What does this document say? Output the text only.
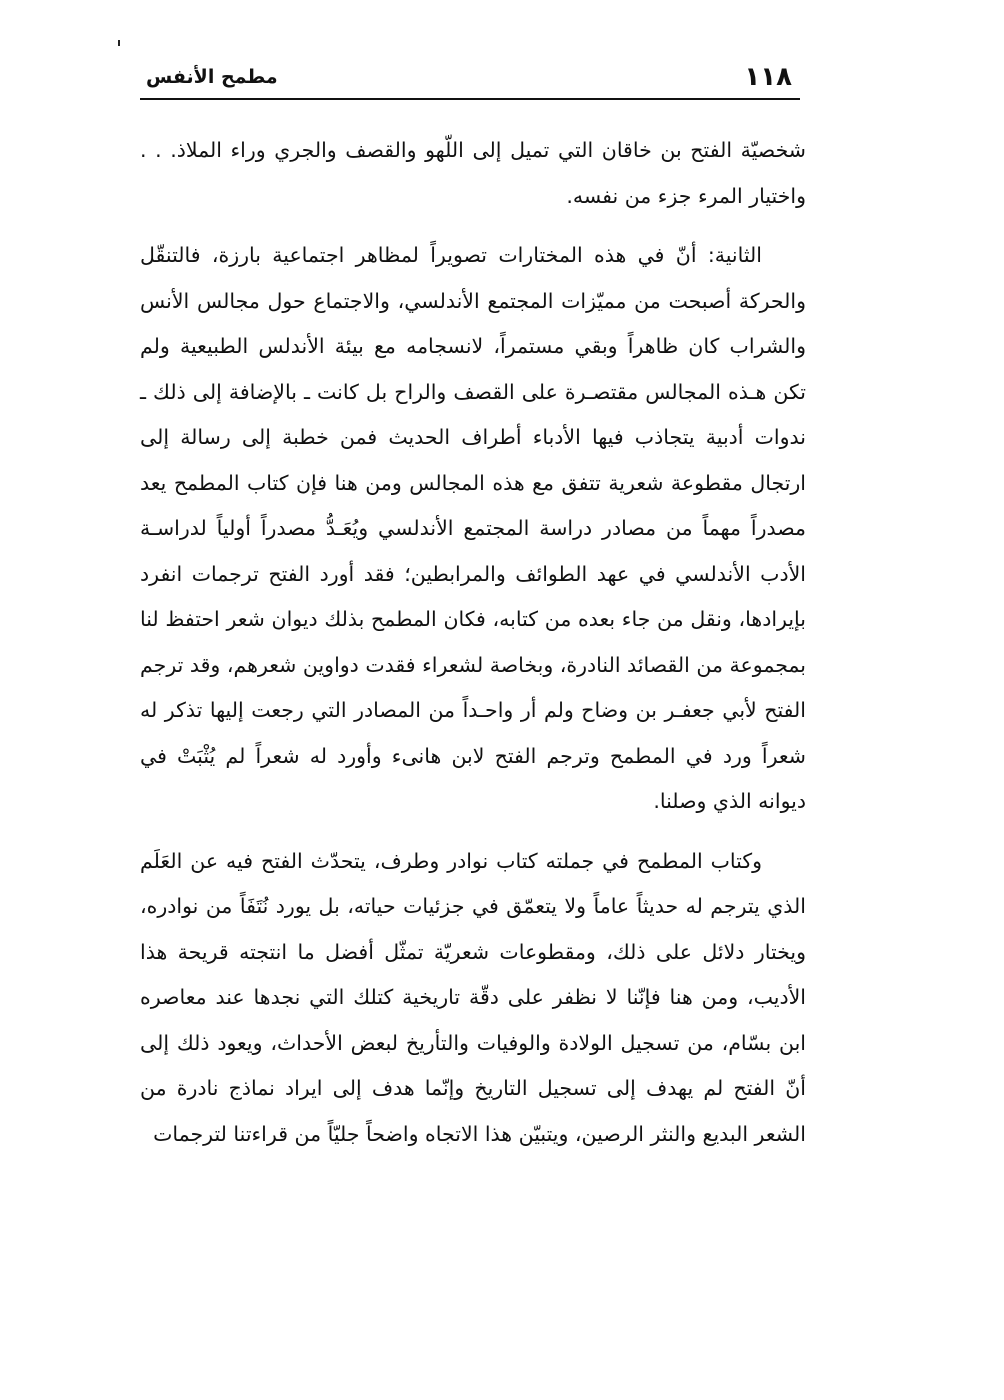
١١٨
مطمح الأنفس

شخصيّة الفتح بن خاقان التي تميل إلى اللّهو والقصف والجري وراء الملاذ. . . واختيار المرء جزء من نفسه.

الثانية: أنّ في هذه المختارات تصويراً لمظاهر اجتماعية بارزة، فالتنقّل والحركة أصبحت من مميّزات المجتمع الأندلسي، والاجتماع حول مجالس الأنس والشراب كان ظاهراً وبقي مستمراً، لانسجامه مع بيئة الأندلس الطبيعية ولم تكن هـذه المجالس مقتصـرة على القصف والراح بل كانت ـ بالإضافة إلى ذلك ـ ندوات أدبية يتجاذب فيها الأدباء أطراف الحديث فمن خطبة إلى رسالة إلى ارتجال مقطوعة شعرية تتفق مع هذه المجالس ومن هنا فإن كتاب المطمح يعد مصدراً مهماً من مصادر دراسة المجتمع الأندلسي ويُعَـدُّ مصدراً أولياً لدراسـة الأدب الأندلسي في عهد الطوائف والمرابطين؛ فقد أورد الفتح ترجمات انفرد بإيرادها، ونقل من جاء بعده من كتابه، فكان المطمح بذلك ديوان شعر احتفظ لنا بمجموعة من القصائد النادرة، وبخاصة لشعراء فقدت دواوين شعرهم، وقد ترجم الفتح لأبي جعفـر بن وضاح ولم أر واحـداً من المصادر التي رجعت إليها تذكر له شعراً ورد في المطمح وترجم الفتح لابن هانىء وأورد له شعراً لم يُثْبَتْ في ديوانه الذي وصلنا.

وكتاب المطمح في جملته كتاب نوادر وطرف، يتحدّث الفتح فيه عن العَلَم الذي يترجم له حديثاً عاماً ولا يتعمّق في جزئيات حياته، بل يورد نُتَفَاً من نوادره، ويختار دلائل على ذلك، ومقطوعات شعريّة تمثّل أفضل ما انتجته قريحة هذا الأديب، ومن هنا فإنّنا لا نظفر على دقّة تاريخية كتلك التي نجدها عند معاصره ابن بسّام، من تسجيل الولادة والوفيات والتأريخ لبعض الأحداث، ويعود ذلك إلى أنّ الفتح لم يهدف إلى تسجيل التاريخ وإنّما هدف إلى ايراد نماذج نادرة من الشعر البديع والنثر الرصين، ويتبيّن هذا الاتجاه واضحاً جليّاً من قراءتنا لترجمات
